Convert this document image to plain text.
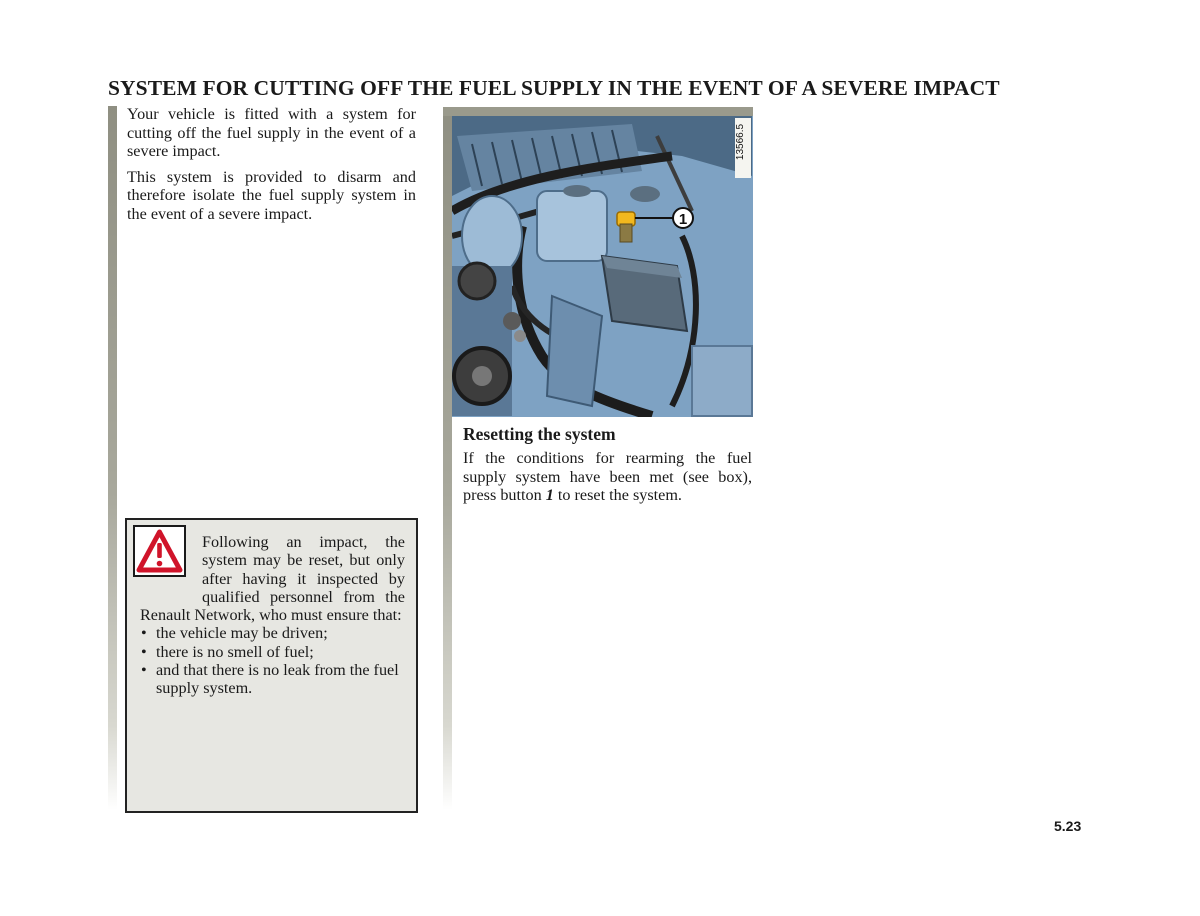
SYSTEM FOR CUTTING OFF THE FUEL SUPPLY IN THE EVENT OF A SEVERE IMPACT

Your vehicle is fitted with a system for cutting off the fuel supply in the event of a severe impact.

This system is provided to disarm and therefore isolate the fuel supply system in the event of a severe impact.	1
13566.5
Resetting the system

If the conditions for rearming the fuel supply system have been met (see box), press button 1 to reset the system.

Following an impact, the system may be reset, but only after having it inspected by qualified personnel from the Renault Network, who must ensure that:
• the vehicle may be driven;
• there is no smell of fuel;
• and that there is no leak from the fuel supply system.
5.23
